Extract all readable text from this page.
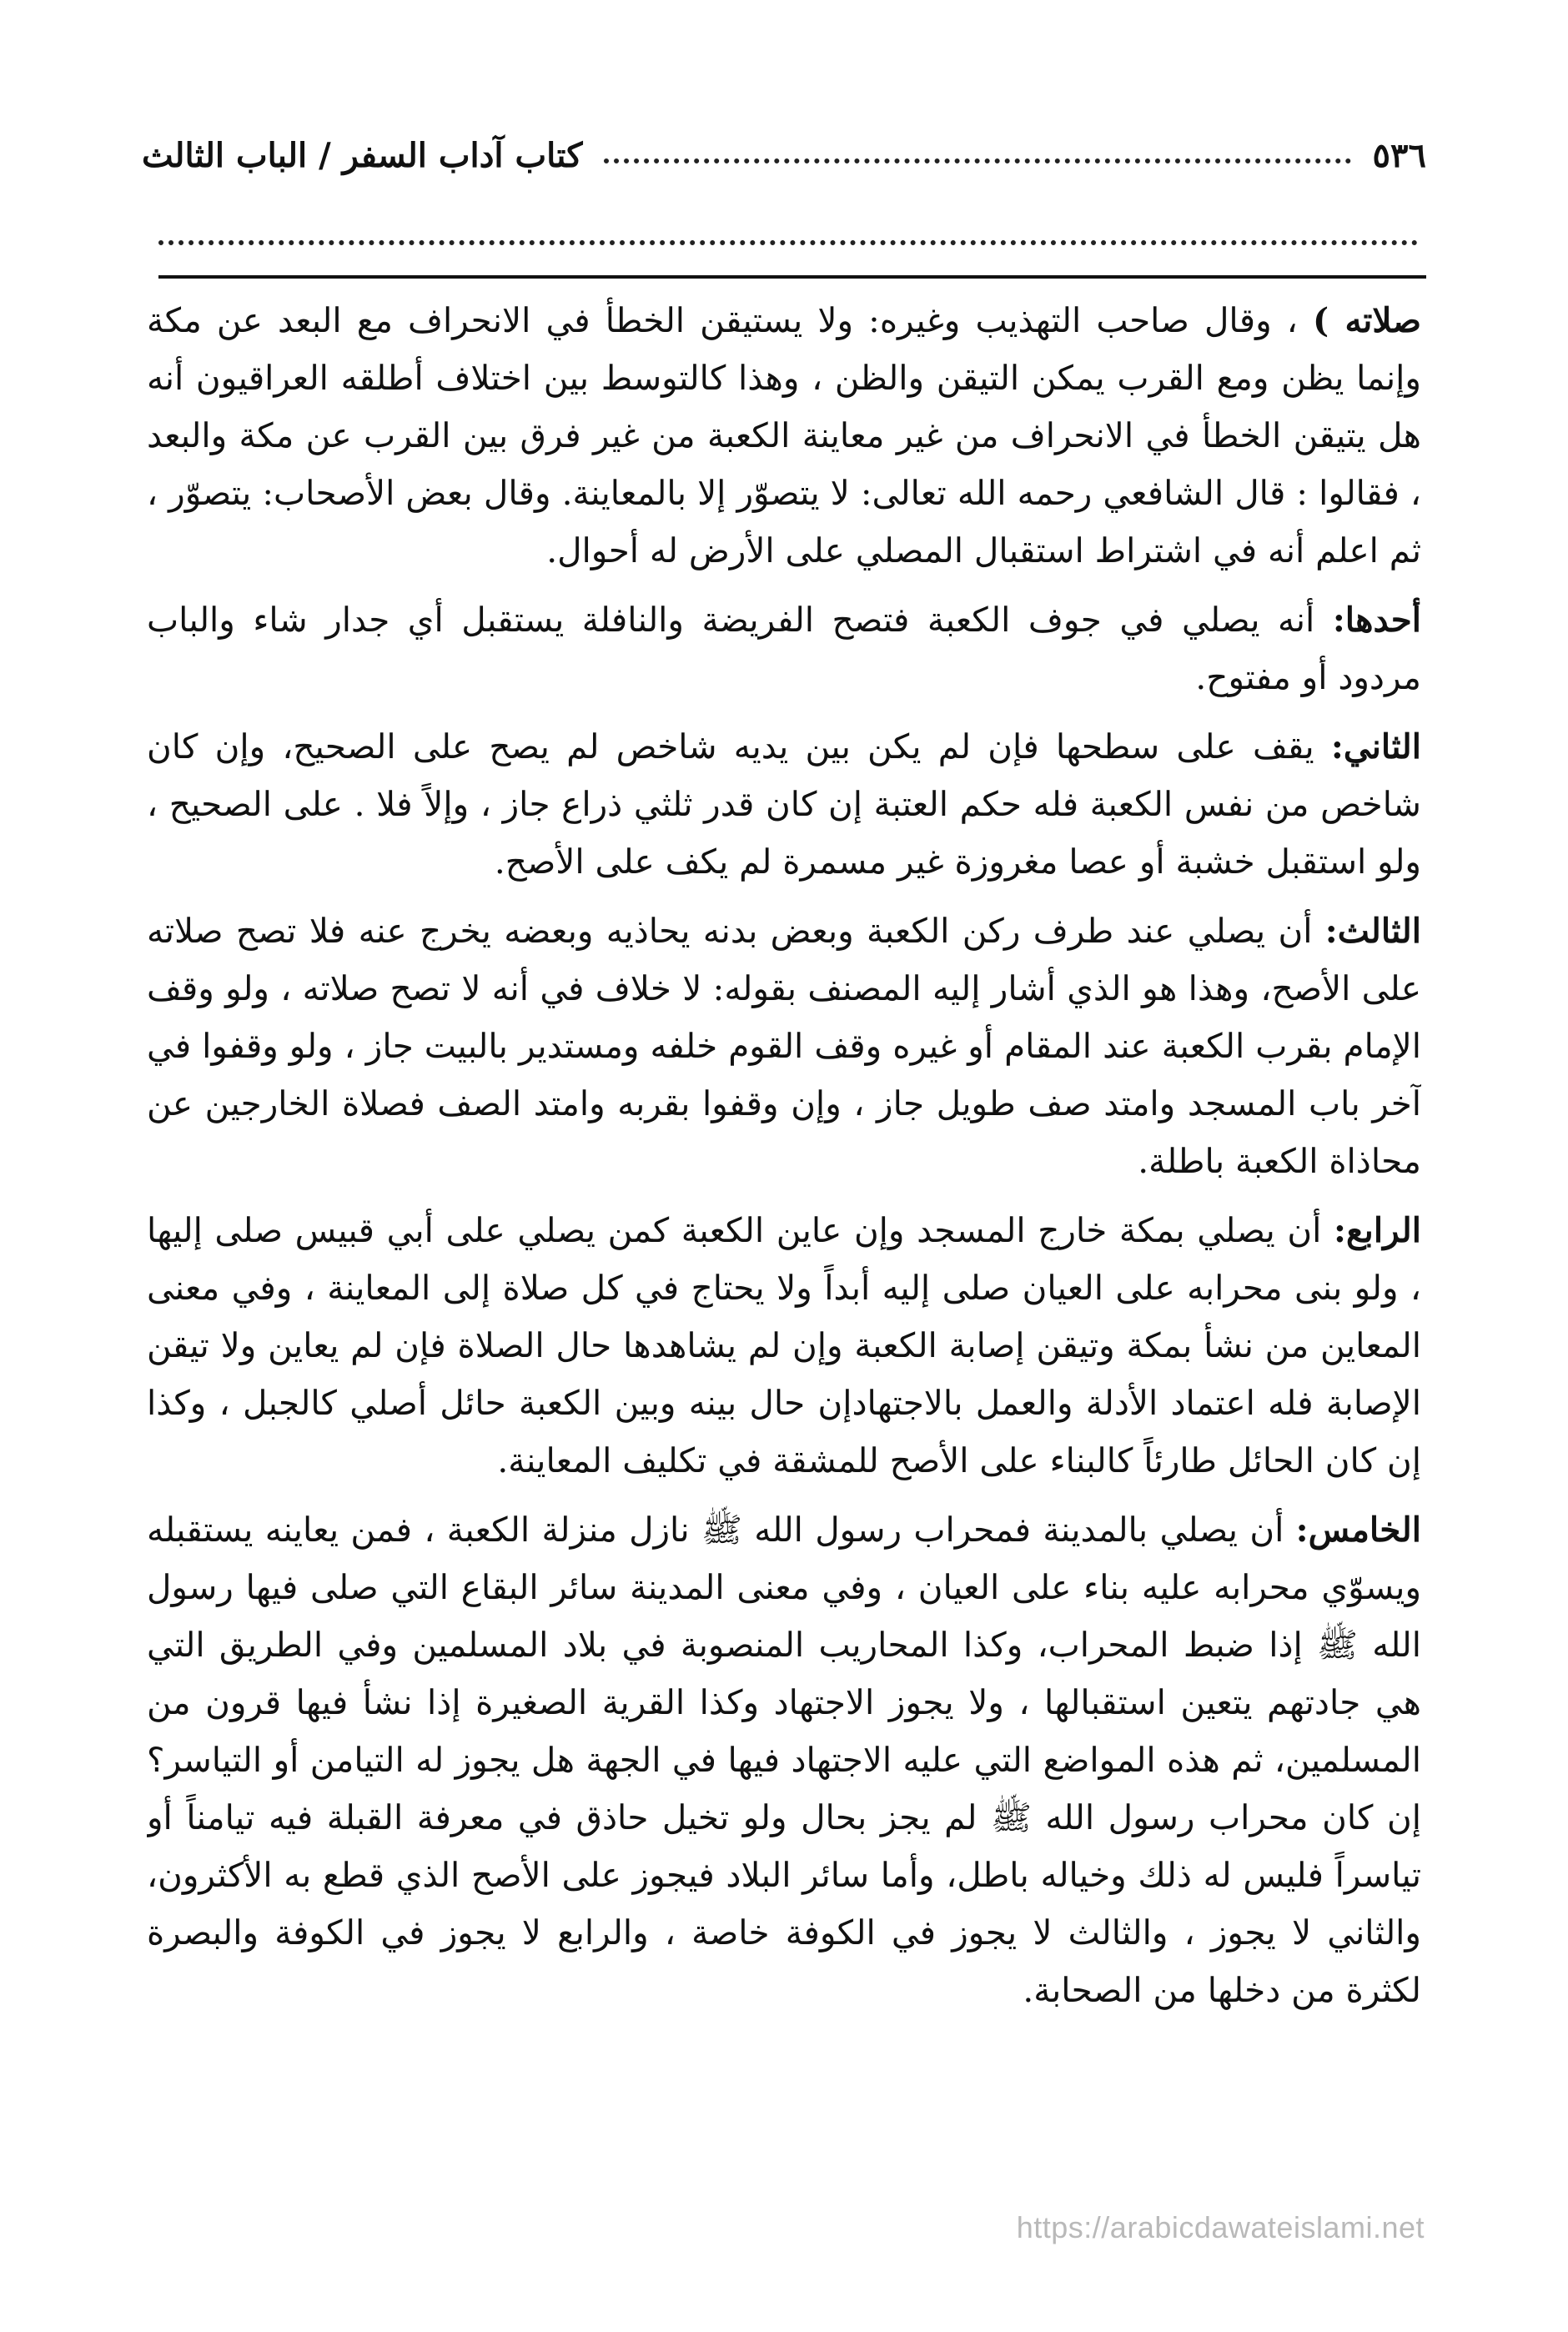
٥٣٦
كتاب آداب السفر / الباب الثالث

صلاته ) ، وقال صاحب التهذيب وغيره: ولا يستيقن الخطأ في الانحراف مع البعد عن مكة وإنما يظن ومع القرب يمكن التيقن والظن ، وهذا كالتوسط بين اختلاف أطلقه العراقيون أنه هل يتيقن الخطأ في الانحراف من غير معاينة الكعبة من غير فرق بين القرب عن مكة والبعد ، فقالوا : قال الشافعي رحمه الله تعالى: لا يتصوّر إلا بالمعاينة. وقال بعض الأصحاب: يتصوّر ، ثم اعلم أنه في اشتراط استقبال المصلي على الأرض له أحوال.

أحدها: أنه يصلي في جوف الكعبة فتصح الفريضة والنافلة يستقبل أي جدار شاء والباب مردود أو مفتوح.

الثاني: يقف على سطحها فإن لم يكن بين يديه شاخص لم يصح على الصحيح، وإن كان شاخص من نفس الكعبة فله حكم العتبة إن كان قدر ثلثي ذراع جاز ، وإلاً فلا . على الصحيح ، ولو استقبل خشبة أو عصا مغروزة غير مسمرة لم يكف على الأصح.

الثالث: أن يصلي عند طرف ركن الكعبة وبعض بدنه يحاذيه وبعضه يخرج عنه فلا تصح صلاته على الأصح، وهذا هو الذي أشار إليه المصنف بقوله: لا خلاف في أنه لا تصح صلاته ، ولو وقف الإمام بقرب الكعبة عند المقام أو غيره وقف القوم خلفه ومستدير بالبيت جاز ، ولو وقفوا في آخر باب المسجد وامتد صف طويل جاز ، وإن وقفوا بقربه وامتد الصف فصلاة الخارجين عن محاذاة الكعبة باطلة.

الرابع: أن يصلي بمكة خارج المسجد وإن عاين الكعبة كمن يصلي على أبي قبيس صلى إليها ، ولو بنى محرابه على العيان صلى إليه أبداً ولا يحتاج في كل صلاة إلى المعاينة ، وفي معنى المعاين من نشأ بمكة وتيقن إصابة الكعبة وإن لم يشاهدها حال الصلاة فإن لم يعاين ولا تيقن الإصابة فله اعتماد الأدلة والعمل بالاجتهادإن حال بينه وبين الكعبة حائل أصلي كالجبل ، وكذا إن كان الحائل طارئاً كالبناء على الأصح للمشقة في تكليف المعاينة.

الخامس: أن يصلي بالمدينة فمحراب رسول الله ﷺ نازل منزلة الكعبة ، فمن يعاينه يستقبله ويسوّي محرابه عليه بناء على العيان ، وفي معنى المدينة سائر البقاع التي صلى فيها رسول الله ﷺ إذا ضبط المحراب، وكذا المحاريب المنصوبة في بلاد المسلمين وفي الطريق التي هي جادتهم يتعين استقبالها ، ولا يجوز الاجتهاد وكذا القرية الصغيرة إذا نشأ فيها قرون من المسلمين، ثم هذه المواضع التي عليه الاجتهاد فيها في الجهة هل يجوز له التيامن أو التياسر؟ إن كان محراب رسول الله ﷺ لم يجز بحال ولو تخيل حاذق في معرفة القبلة فيه تيامناً أو تياسراً فليس له ذلك وخياله باطل، وأما سائر البلاد فيجوز على الأصح الذي قطع به الأكثرون، والثاني لا يجوز ، والثالث لا يجوز في الكوفة خاصة ، والرابع لا يجوز في الكوفة والبصرة لكثرة من دخلها من الصحابة.

https://arabicdawateislami.net
